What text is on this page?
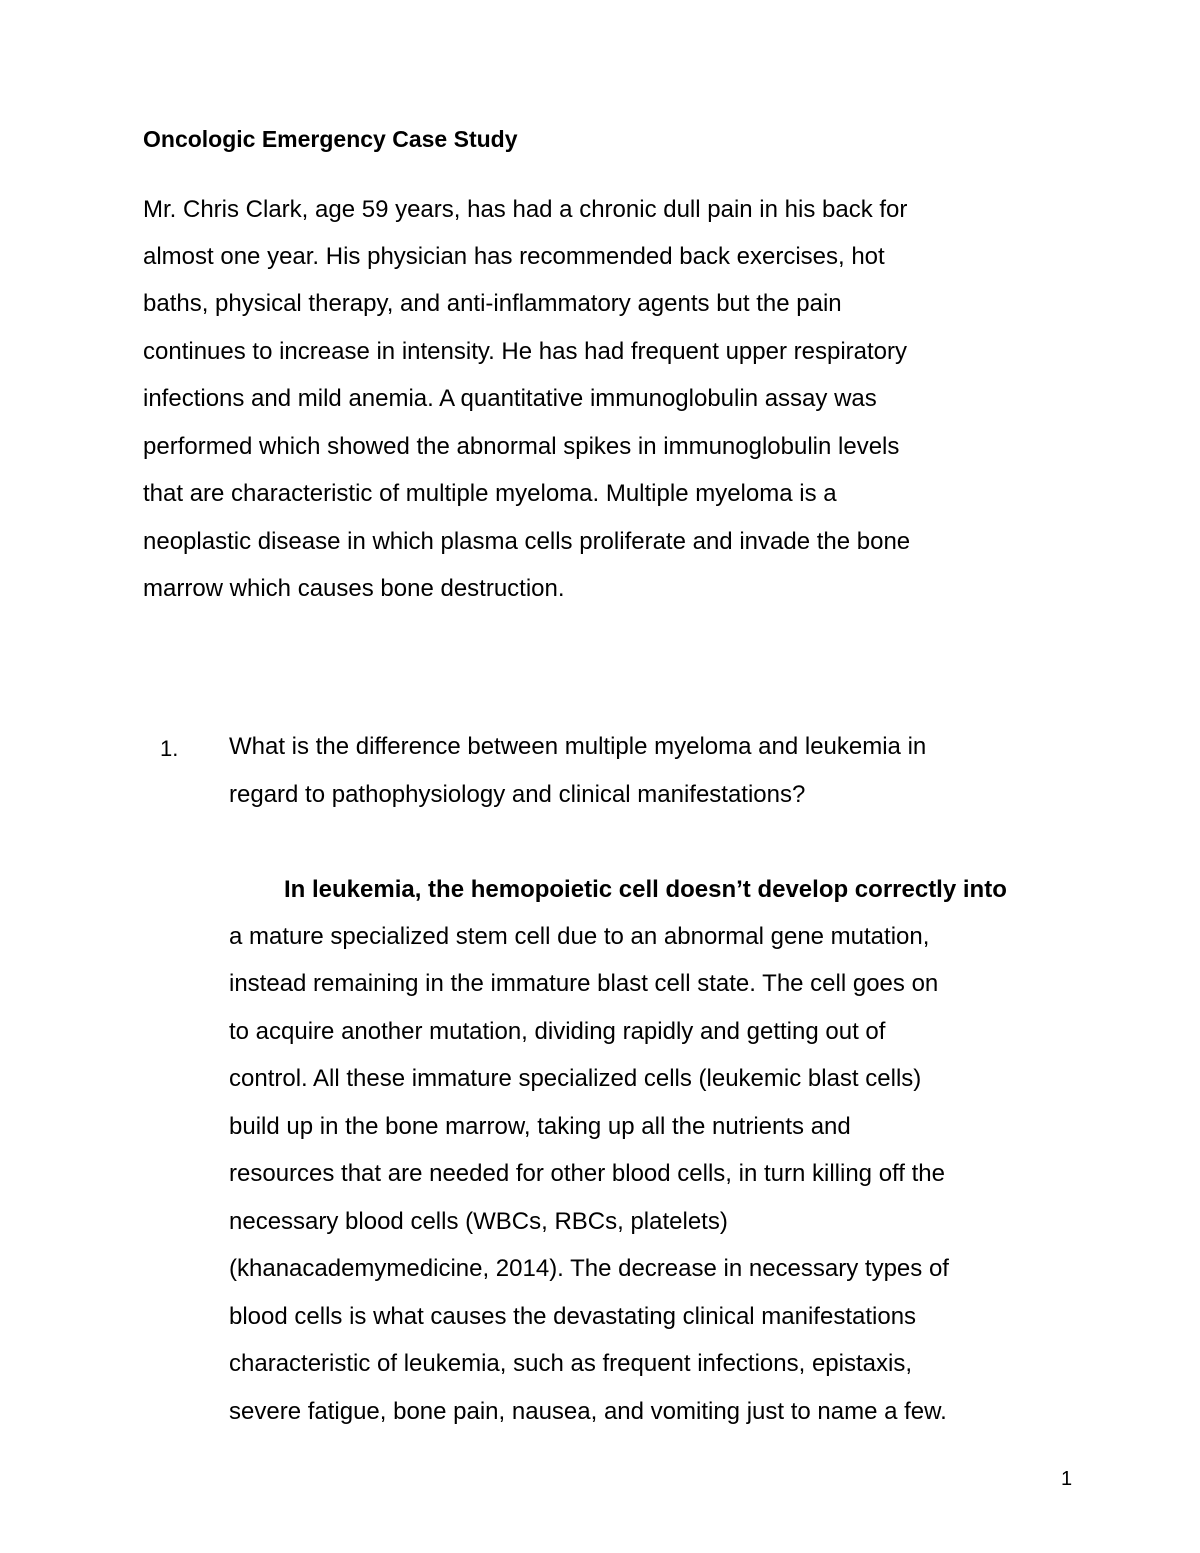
Oncologic Emergency Case Study
Mr. Chris Clark, age 59 years, has had a chronic dull pain in his back for
almost one year. His physician has recommended back exercises, hot
baths, physical therapy, and anti-inflammatory agents but the pain
continues to increase in intensity. He has had frequent upper respiratory
infections and mild anemia. A quantitative immunoglobulin assay was
performed which showed the abnormal spikes in immunoglobulin levels
that are characteristic of multiple myeloma. Multiple myeloma is a
neoplastic disease in which plasma cells proliferate and invade the bone
marrow which causes bone destruction.
1. What is the difference between multiple myeloma and leukemia in
regard to pathophysiology and clinical manifestations?
In leukemia, the hemopoietic cell doesn’t develop correctly into
a mature specialized stem cell due to an abnormal gene mutation,
instead remaining in the immature blast cell state. The cell goes on
to acquire another mutation, dividing rapidly and getting out of
control. All these immature specialized cells (leukemic blast cells)
build up in the bone marrow, taking up all the nutrients and
resources that are needed for other blood cells, in turn killing off the
necessary blood cells (WBCs, RBCs, platelets)
(khanacademymedicine, 2014). The decrease in necessary types of
blood cells is what causes the devastating clinical manifestations
characteristic of leukemia, such as frequent infections, epistaxis,
severe fatigue, bone pain, nausea, and vomiting just to name a few.
1
